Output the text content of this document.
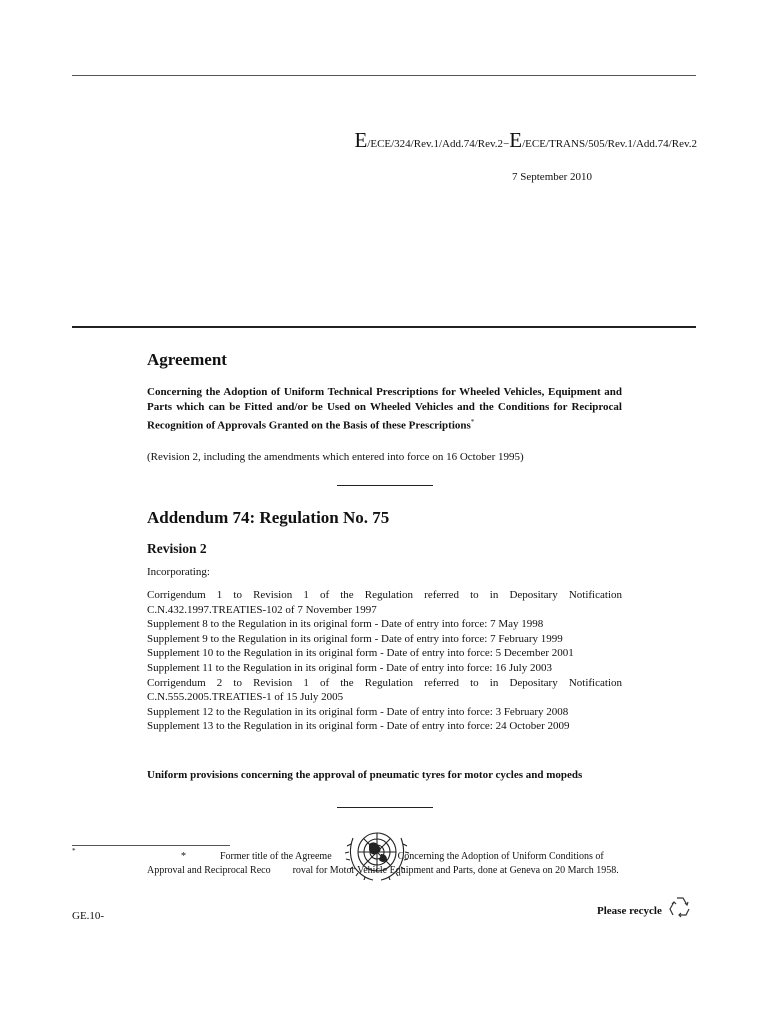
E/ECE/324/Rev.1/Add.74/Rev.2−E/ECE/TRANS/505/Rev.1/Add.74/Rev.2
7 September 2010
Agreement
Concerning the Adoption of Uniform Technical Prescriptions for Wheeled Vehicles, Equipment and Parts which can be Fitted and/or be Used on Wheeled Vehicles and the Conditions for Reciprocal Recognition of Approvals Granted on the Basis of these Prescriptions*
(Revision 2, including the amendments which entered into force on 16 October 1995)
Addendum 74: Regulation No. 75
Revision 2
Incorporating:
Corrigendum 1 to Revision 1 of the Regulation referred to in Depositary Notification C.N.432.1997.TREATIES-102 of 7 November 1997
Supplement 8 to the Regulation in its original form - Date of entry into force: 7 May 1998
Supplement 9 to the Regulation in its original form - Date of entry into force: 7 February 1999
Supplement 10 to the Regulation in its original form - Date of entry into force: 5 December 2001
Supplement 11 to the Regulation in its original form - Date of entry into force: 16 July 2003
Corrigendum 2 to Revision 1 of the Regulation referred to in Depositary Notification C.N.555.2005.TREATIES-1 of 15 July 2005
Supplement 12 to the Regulation in its original form - Date of entry into force: 3 February 2008
Supplement 13 to the Regulation in its original form - Date of entry into force: 24 October 2009
Uniform provisions concerning the approval of pneumatic tyres for motor cycles and mopeds
*	*	Former title of the Agreeme	Concerning the Adoption of Uniform Conditions of Approval and Reciprocal Reco roval for Motor Vehicle Equipment and Parts, done at Geneva on 20 March 1958.
GE.10-	Please recycle
